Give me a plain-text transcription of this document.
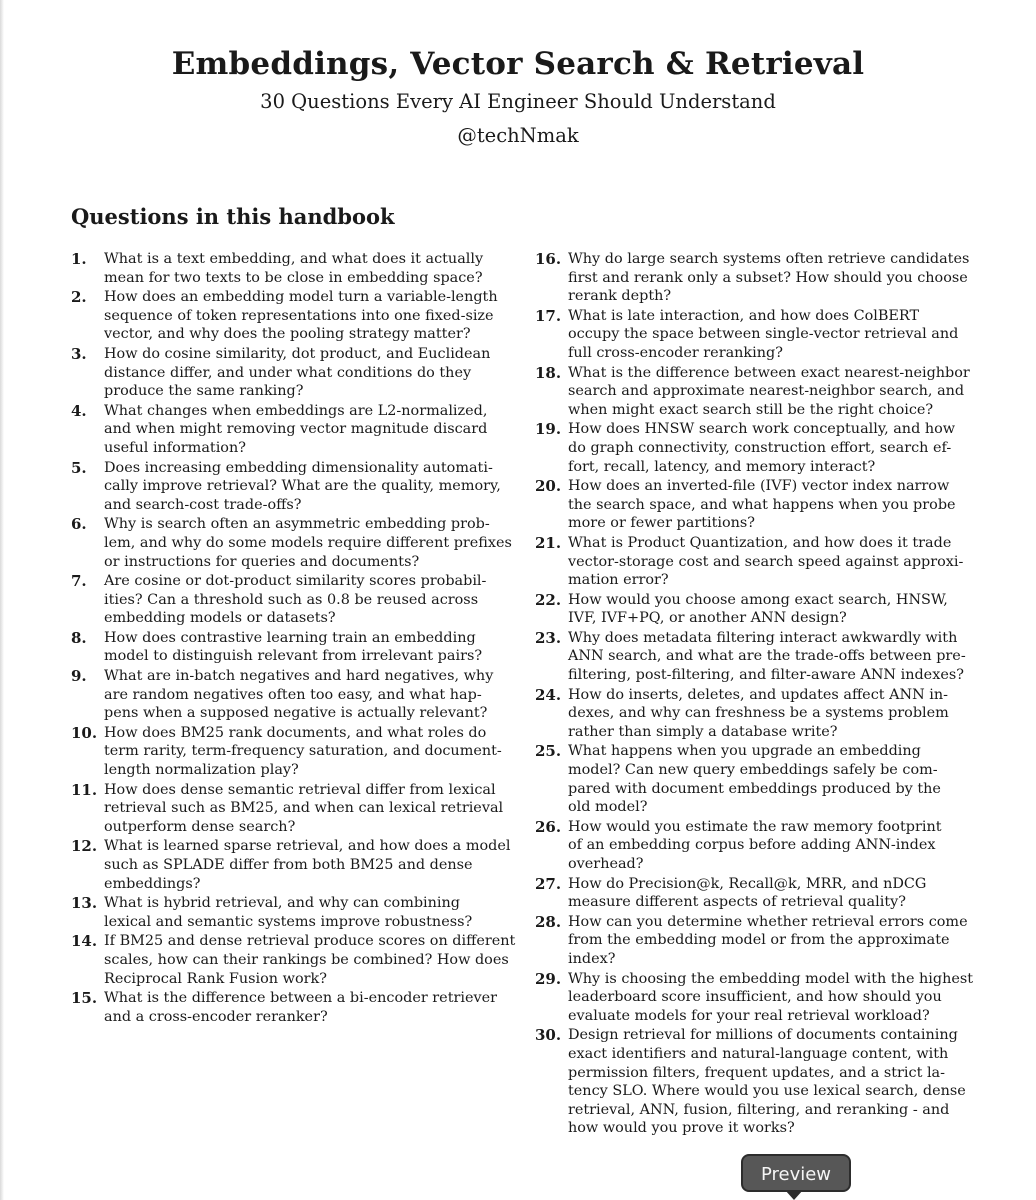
Embeddings, Vector Search & Retrieval
30 Questions Every AI Engineer Should Understand
@techNmak
Questions in this handbook
1. What is a text embedding, and what does it actually
mean for two texts to be close in embedding space?
2. How does an embedding model turn a variable-length
sequence of token representations into one fixed-size
vector, and why does the pooling strategy matter?
3. How do cosine similarity, dot product, and Euclidean
distance differ, and under what conditions do they
produce the same ranking?
4. What changes when embeddings are L2-normalized,
and when might removing vector magnitude discard
useful information?
5. Does increasing embedding dimensionality automati-
cally improve retrieval? What are the quality, memory,
and search-cost trade-offs?
6. Why is search often an asymmetric embedding prob-
lem, and why do some models require different prefixes
or instructions for queries and documents?
7. Are cosine or dot-product similarity scores probabil-
ities? Can a threshold such as 0.8 be reused across
embedding models or datasets?
8. How does contrastive learning train an embedding
model to distinguish relevant from irrelevant pairs?
9. What are in-batch negatives and hard negatives, why
are random negatives often too easy, and what hap-
pens when a supposed negative is actually relevant?
10. How does BM25 rank documents, and what roles do
term rarity, term-frequency saturation, and document-
length normalization play?
11. How does dense semantic retrieval differ from lexical
retrieval such as BM25, and when can lexical retrieval
outperform dense search?
12. What is learned sparse retrieval, and how does a model
such as SPLADE differ from both BM25 and dense
embeddings?
13. What is hybrid retrieval, and why can combining
lexical and semantic systems improve robustness?
14. If BM25 and dense retrieval produce scores on different
scales, how can their rankings be combined? How does
Reciprocal Rank Fusion work?
15. What is the difference between a bi-encoder retriever
and a cross-encoder reranker?
16. Why do large search systems often retrieve candidates
first and rerank only a subset? How should you choose
rerank depth?
17. What is late interaction, and how does ColBERT
occupy the space between single-vector retrieval and
full cross-encoder reranking?
18. What is the difference between exact nearest-neighbor
search and approximate nearest-neighbor search, and
when might exact search still be the right choice?
19. How does HNSW search work conceptually, and how
do graph connectivity, construction effort, search ef-
fort, recall, latency, and memory interact?
20. How does an inverted-file (IVF) vector index narrow
the search space, and what happens when you probe
more or fewer partitions?
21. What is Product Quantization, and how does it trade
vector-storage cost and search speed against approxi-
mation error?
22. How would you choose among exact search, HNSW,
IVF, IVF+PQ, or another ANN design?
23. Why does metadata filtering interact awkwardly with
ANN search, and what are the trade-offs between pre-
filtering, post-filtering, and filter-aware ANN indexes?
24. How do inserts, deletes, and updates affect ANN in-
dexes, and why can freshness be a systems problem
rather than simply a database write?
25. What happens when you upgrade an embedding
model? Can new query embeddings safely be com-
pared with document embeddings produced by the
old model?
26. How would you estimate the raw memory footprint
of an embedding corpus before adding ANN-index
overhead?
27. How do Precision@k, Recall@k, MRR, and nDCG
measure different aspects of retrieval quality?
28. How can you determine whether retrieval errors come
from the embedding model or from the approximate
index?
29. Why is choosing the embedding model with the highest
leaderboard score insufficient, and how should you
evaluate models for your real retrieval workload?
30. Design retrieval for millions of documents containing
exact identifiers and natural-language content, with
permission filters, frequent updates, and a strict la-
tency SLO. Where would you use lexical search, dense
retrieval, ANN, fusion, filtering, and reranking - and
how would you prove it works?
Preview
